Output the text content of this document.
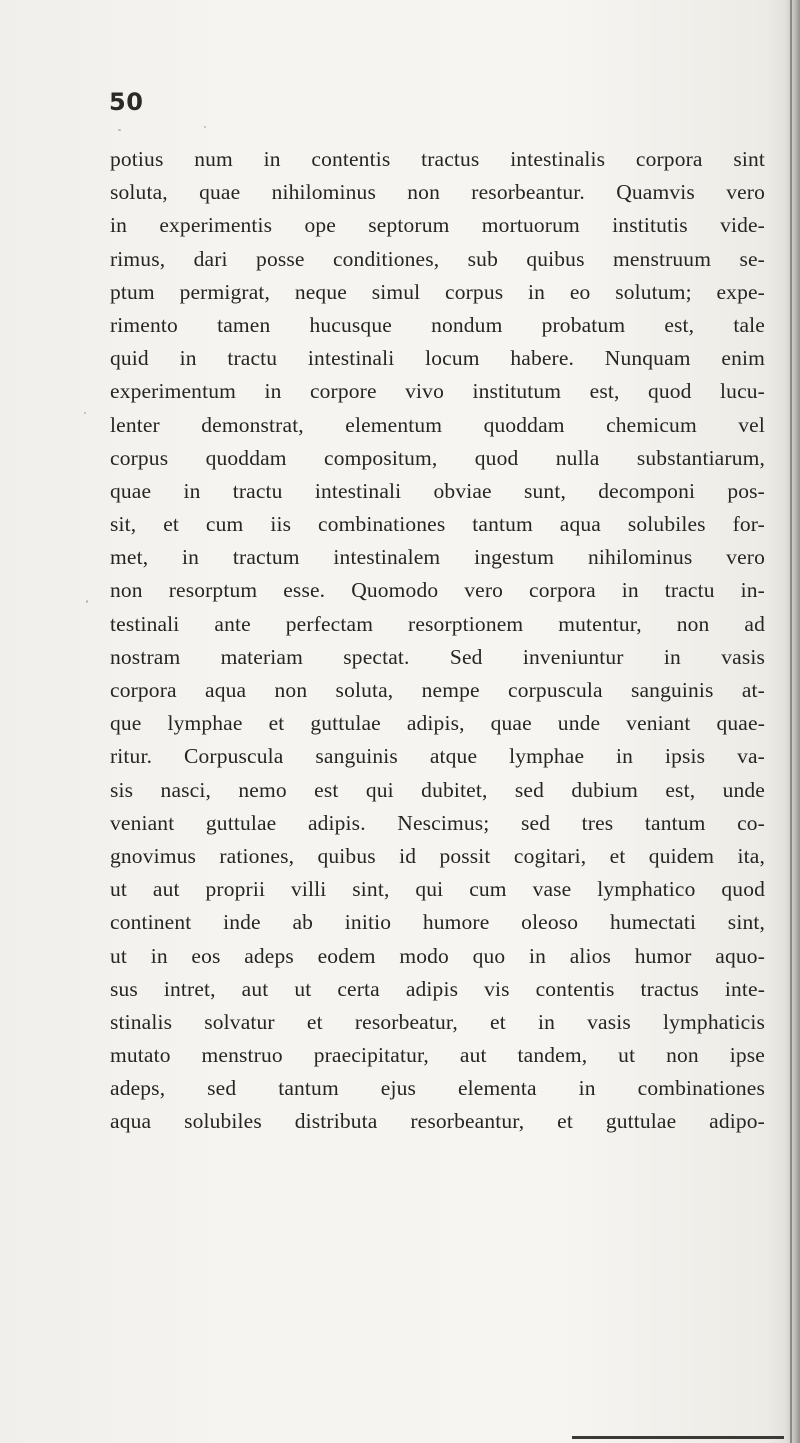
50
potius num in contentis tractus intestinalis corpora sint
soluta, quae nihilominus non resorbeantur. Quamvis vero
in experimentis ope septorum mortuorum institutis vide-
rimus, dari posse conditiones, sub quibus menstruum se-
ptum permigrat, neque simul corpus in eo solutum; expe-
rimento tamen hucusque nondum probatum est, tale
quid in tractu intestinali locum habere. Nunquam enim
experimentum in corpore vivo institutum est, quod lucu-
lenter demonstrat, elementum quoddam chemicum vel
corpus quoddam compositum, quod nulla substantiarum,
quae in tractu intestinali obviae sunt, decomponi pos-
sit, et cum iis combinationes tantum aqua solubiles for-
met, in tractum intestinalem ingestum nihilominus vero
non resorptum esse. Quomodo vero corpora in tractu in-
testinali ante perfectam resorptionem mutentur, non ad
nostram materiam spectat. Sed inveniuntur in vasis
corpora aqua non soluta, nempe corpuscula sanguinis at-
que lymphae et guttulae adipis, quae unde veniant quae-
ritur. Corpuscula sanguinis atque lymphae in ipsis va-
sis nasci, nemo est qui dubitet, sed dubium est, unde
veniant guttulae adipis. Nescimus; sed tres tantum co-
gnovimus rationes, quibus id possit cogitari, et quidem ita,
ut aut proprii villi sint, qui cum vase lymphatico quod
continent inde ab initio humore oleoso humectati sint,
ut in eos adeps eodem modo quo in alios humor aquo-
sus intret, aut ut certa adipis vis contentis tractus inte-
stinalis solvatur et resorbeatur, et in vasis lymphaticis
mutato menstruo praecipitatur, aut tandem, ut non ipse
adeps, sed tantum ejus elementa in combinationes
aqua solubiles distributa resorbeantur, et guttulae adipo-
